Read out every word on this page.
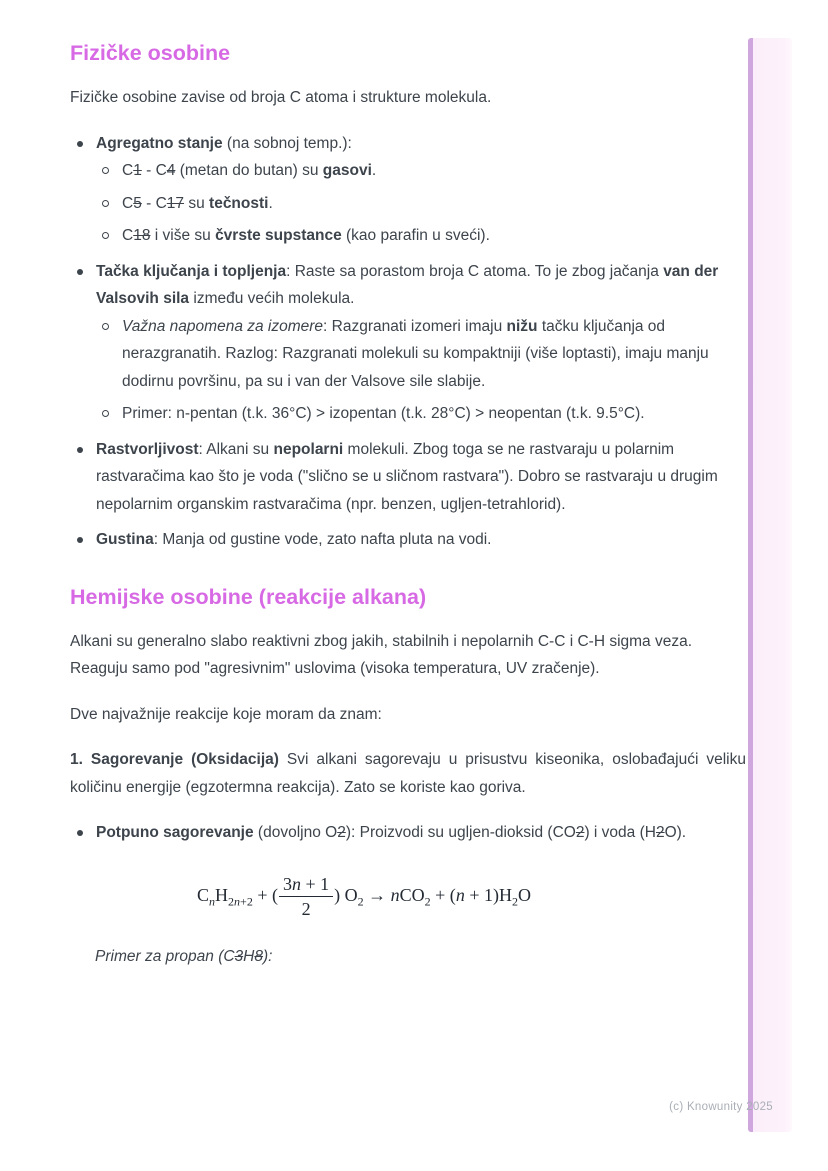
Fizičke osobine

Fizičke osobine zavise od broja C atoma i strukture molekula.

Agregatno stanje (na sobnoj temp.):
C1 - C4 (metan do butan) su gasovi.
C5 - C17 su tečnosti.
C18 i više su čvrste supstance (kao parafin u sveći).
Tačka ključanja i topljenja: Raste sa porastom broja C atoma. To je zbog jačanja van der Valsovih sila između većih molekula.
Važna napomena za izomere: Razgranati izomeri imaju nižu tačku ključanja od nerazgranatih. Razlog: Razgranati molekuli su kompaktniji (više loptasti), imaju manju dodirnu površinu, pa su i van der Valsove sile slabije.
Primer: n-pentan (t.k. 36°C) > izopentan (t.k. 28°C) > neopentan (t.k. 9.5°C).
Rastvorljivost: Alkani su nepolarni molekuli. Zbog toga se ne rastvaraju u polarnim rastvaračima kao što je voda ("slično se u sličnom rastvara"). Dobro se rastvaraju u drugim nepolarnim organskim rastvaračima (npr. benzen, ugljen-tetrahlorid).
Gustina: Manja od gustine vode, zato nafta pluta na vodi.
Hemijske osobine (reakcije alkana)

Alkani su generalno slabo reaktivni zbog jakih, stabilnih i nepolarnih C-C i C-H sigma veza. Reaguju samo pod "agresivnim" uslovima (visoka temperatura, UV zračenje).

Dve najvažnije reakcije koje moram da znam:

1. Sagorevanje (Oksidacija) Svi alkani sagorevaju u prisustvu kiseonika, oslobađajući veliku količinu energije (egzotermna reakcija). Zato se koriste kao goriva.

Potpuno sagorevanje (dovoljno O2): Proizvodi su ugljen-dioksid (CO2) i voda (H2O).
$C_nH_{2n+2}$ + ( $\frac{3n + 1}{2}$ ) $O_2 \to nCO_2 + (n + 1)H_2O$

Primer za propan (C3H8):

(c) Knowunity 2025
